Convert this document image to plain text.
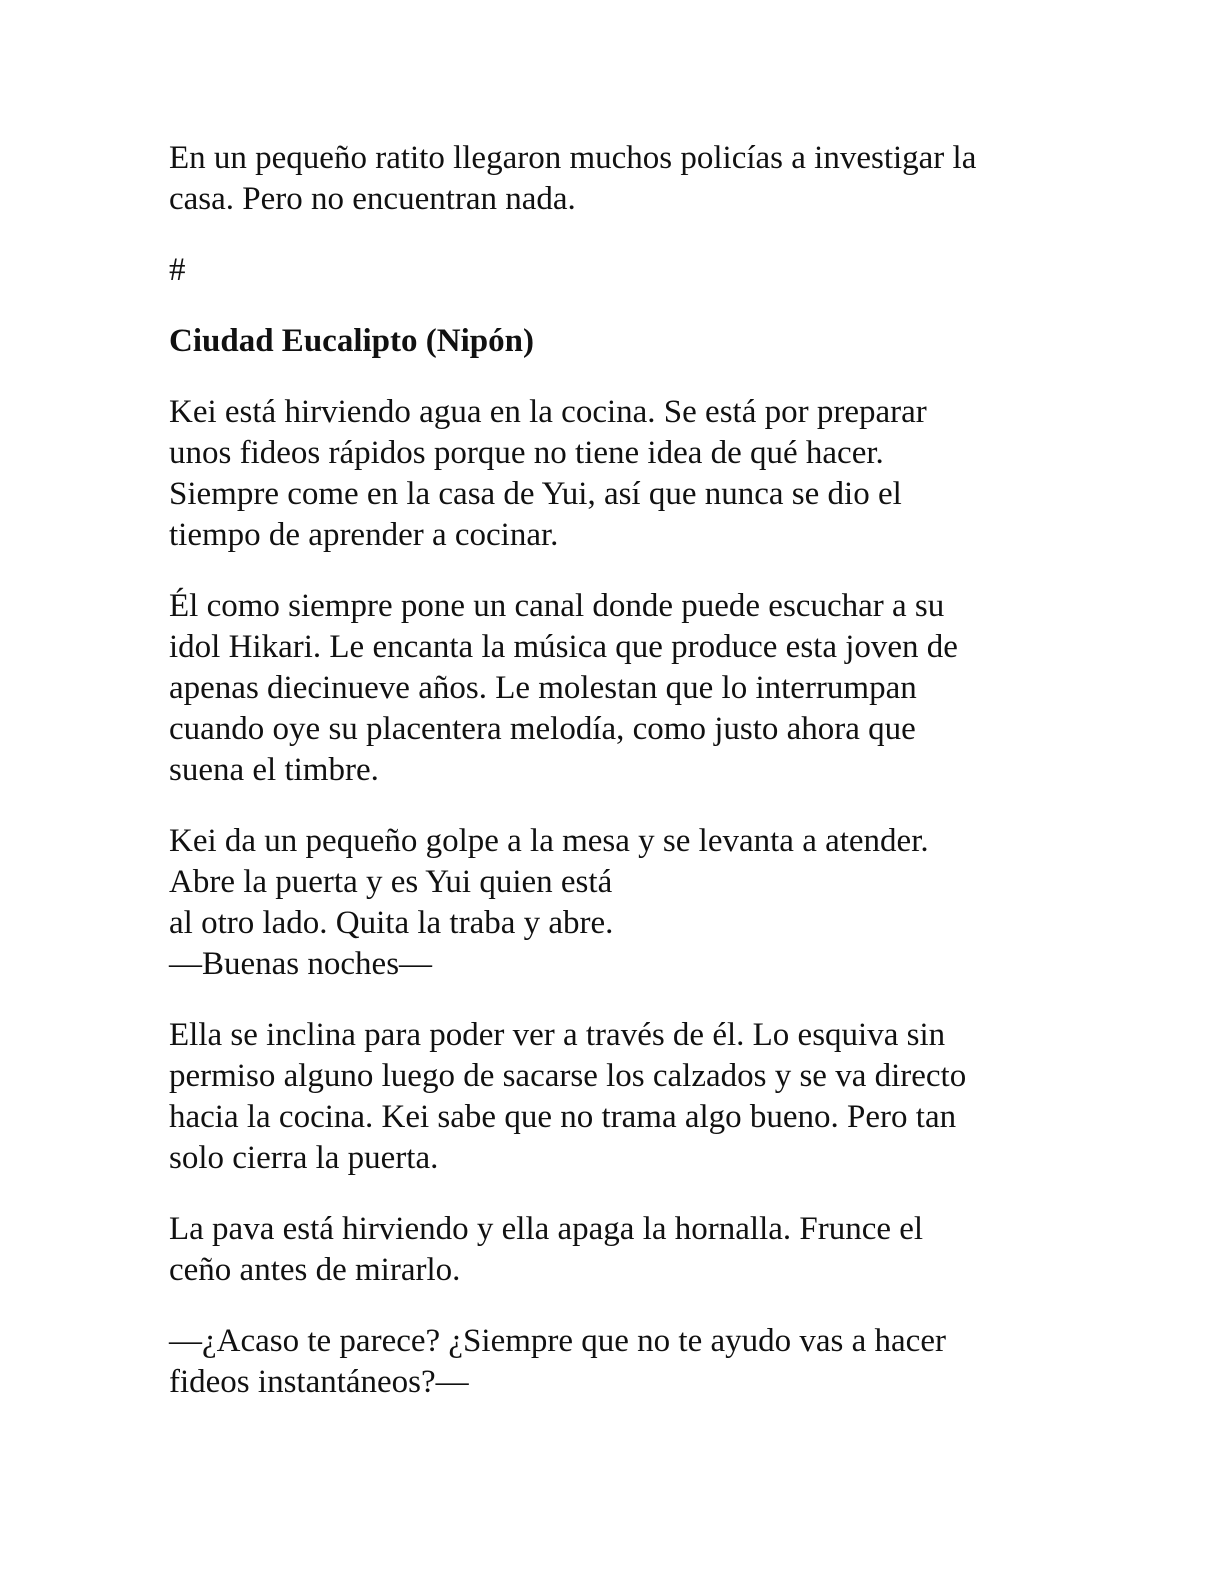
En un pequeño ratito llegaron muchos policías a investigar la
casa. Pero no encuentran nada.

#

Ciudad Eucalipto (Nipón)

Kei está hirviendo agua en la cocina. Se está por preparar
unos fideos rápidos porque no tiene idea de qué hacer.
Siempre come en la casa de Yui, así que nunca se dio el
tiempo de aprender a cocinar.

Él como siempre pone un canal donde puede escuchar a su
idol Hikari. Le encanta la música que produce esta joven de
apenas diecinueve años. Le molestan que lo interrumpan
cuando oye su placentera melodía, como justo ahora que
suena el timbre.

Kei da un pequeño golpe a la mesa y se levanta a atender.
Abre la puerta y es Yui quien está
al otro lado. Quita la traba y abre.
—Buenas noches—

Ella se inclina para poder ver a través de él. Lo esquiva sin
permiso alguno luego de sacarse los calzados y se va directo
hacia la cocina. Kei sabe que no trama algo bueno. Pero tan
solo cierra la puerta.

La pava está hirviendo y ella apaga la hornalla. Frunce el
ceño antes de mirarlo.

—¿Acaso te parece? ¿Siempre que no te ayudo vas a hacer
fideos instantáneos?—
